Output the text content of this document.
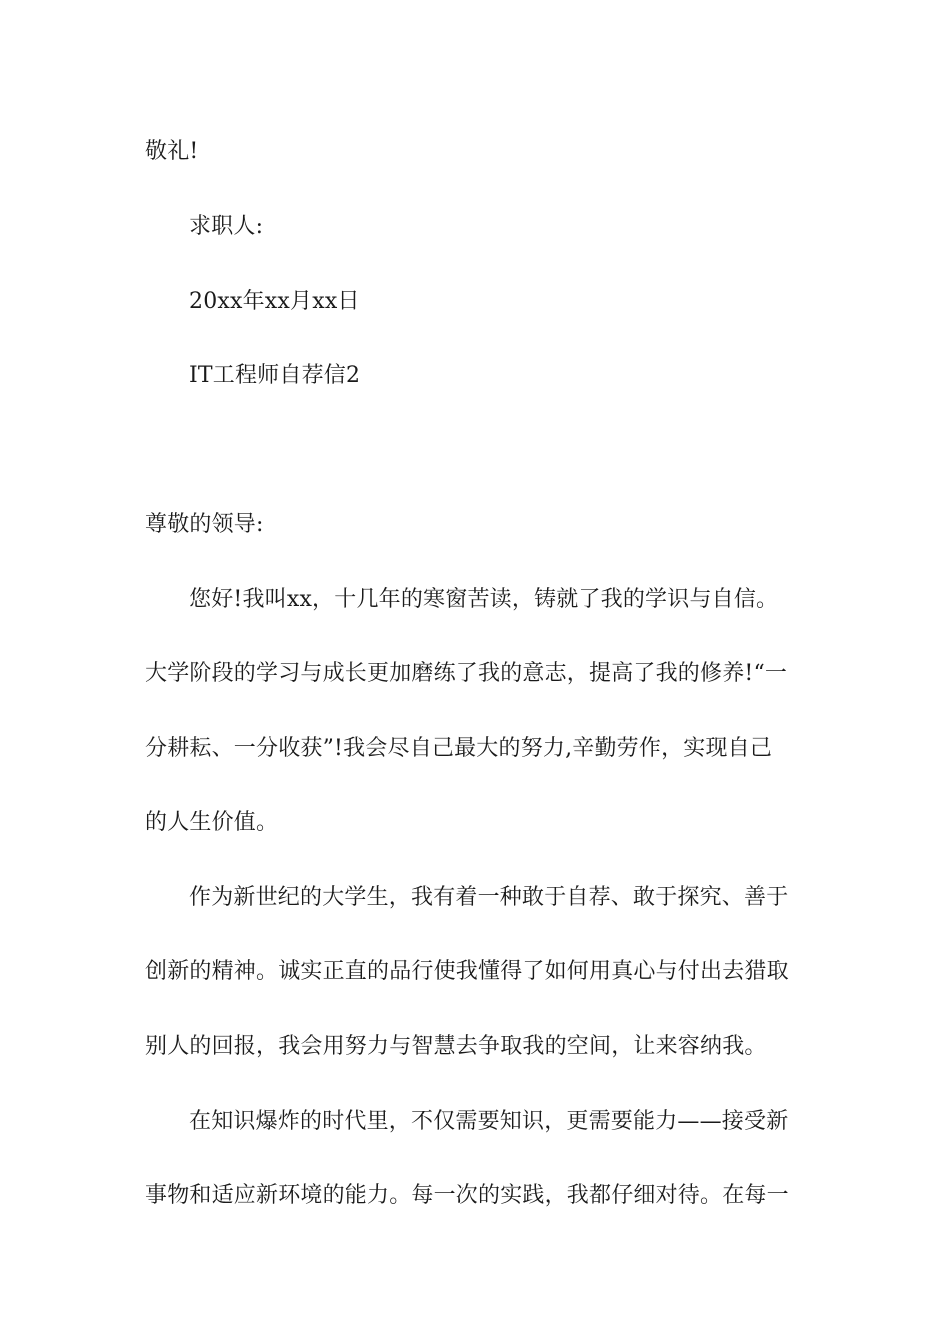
敬礼!
求职人:
20xx年xx月xx日
IT工程师自荐信2
尊敬的领导:
您好!我叫xx，十几年的寒窗苦读，铸就了我的学识与自信。
大学阶段的学习与成长更加磨练了我的意志，提高了我的修养!“一
分耕耘、一分收获”!我会尽自己最大的努力,辛勤劳作，实现自己
的人生价值。
作为新世纪的大学生，我有着一种敢于自荐、敢于探究、善于
创新的精神。诚实正直的品行使我懂得了如何用真心与付出去猎取
别人的回报，我会用努力与智慧去争取我的空间，让来容纳我。
在知识爆炸的时代里，不仅需要知识，更需要能力——接受新
事物和适应新环境的能力。每一次的实践，我都仔细对待。在每一
